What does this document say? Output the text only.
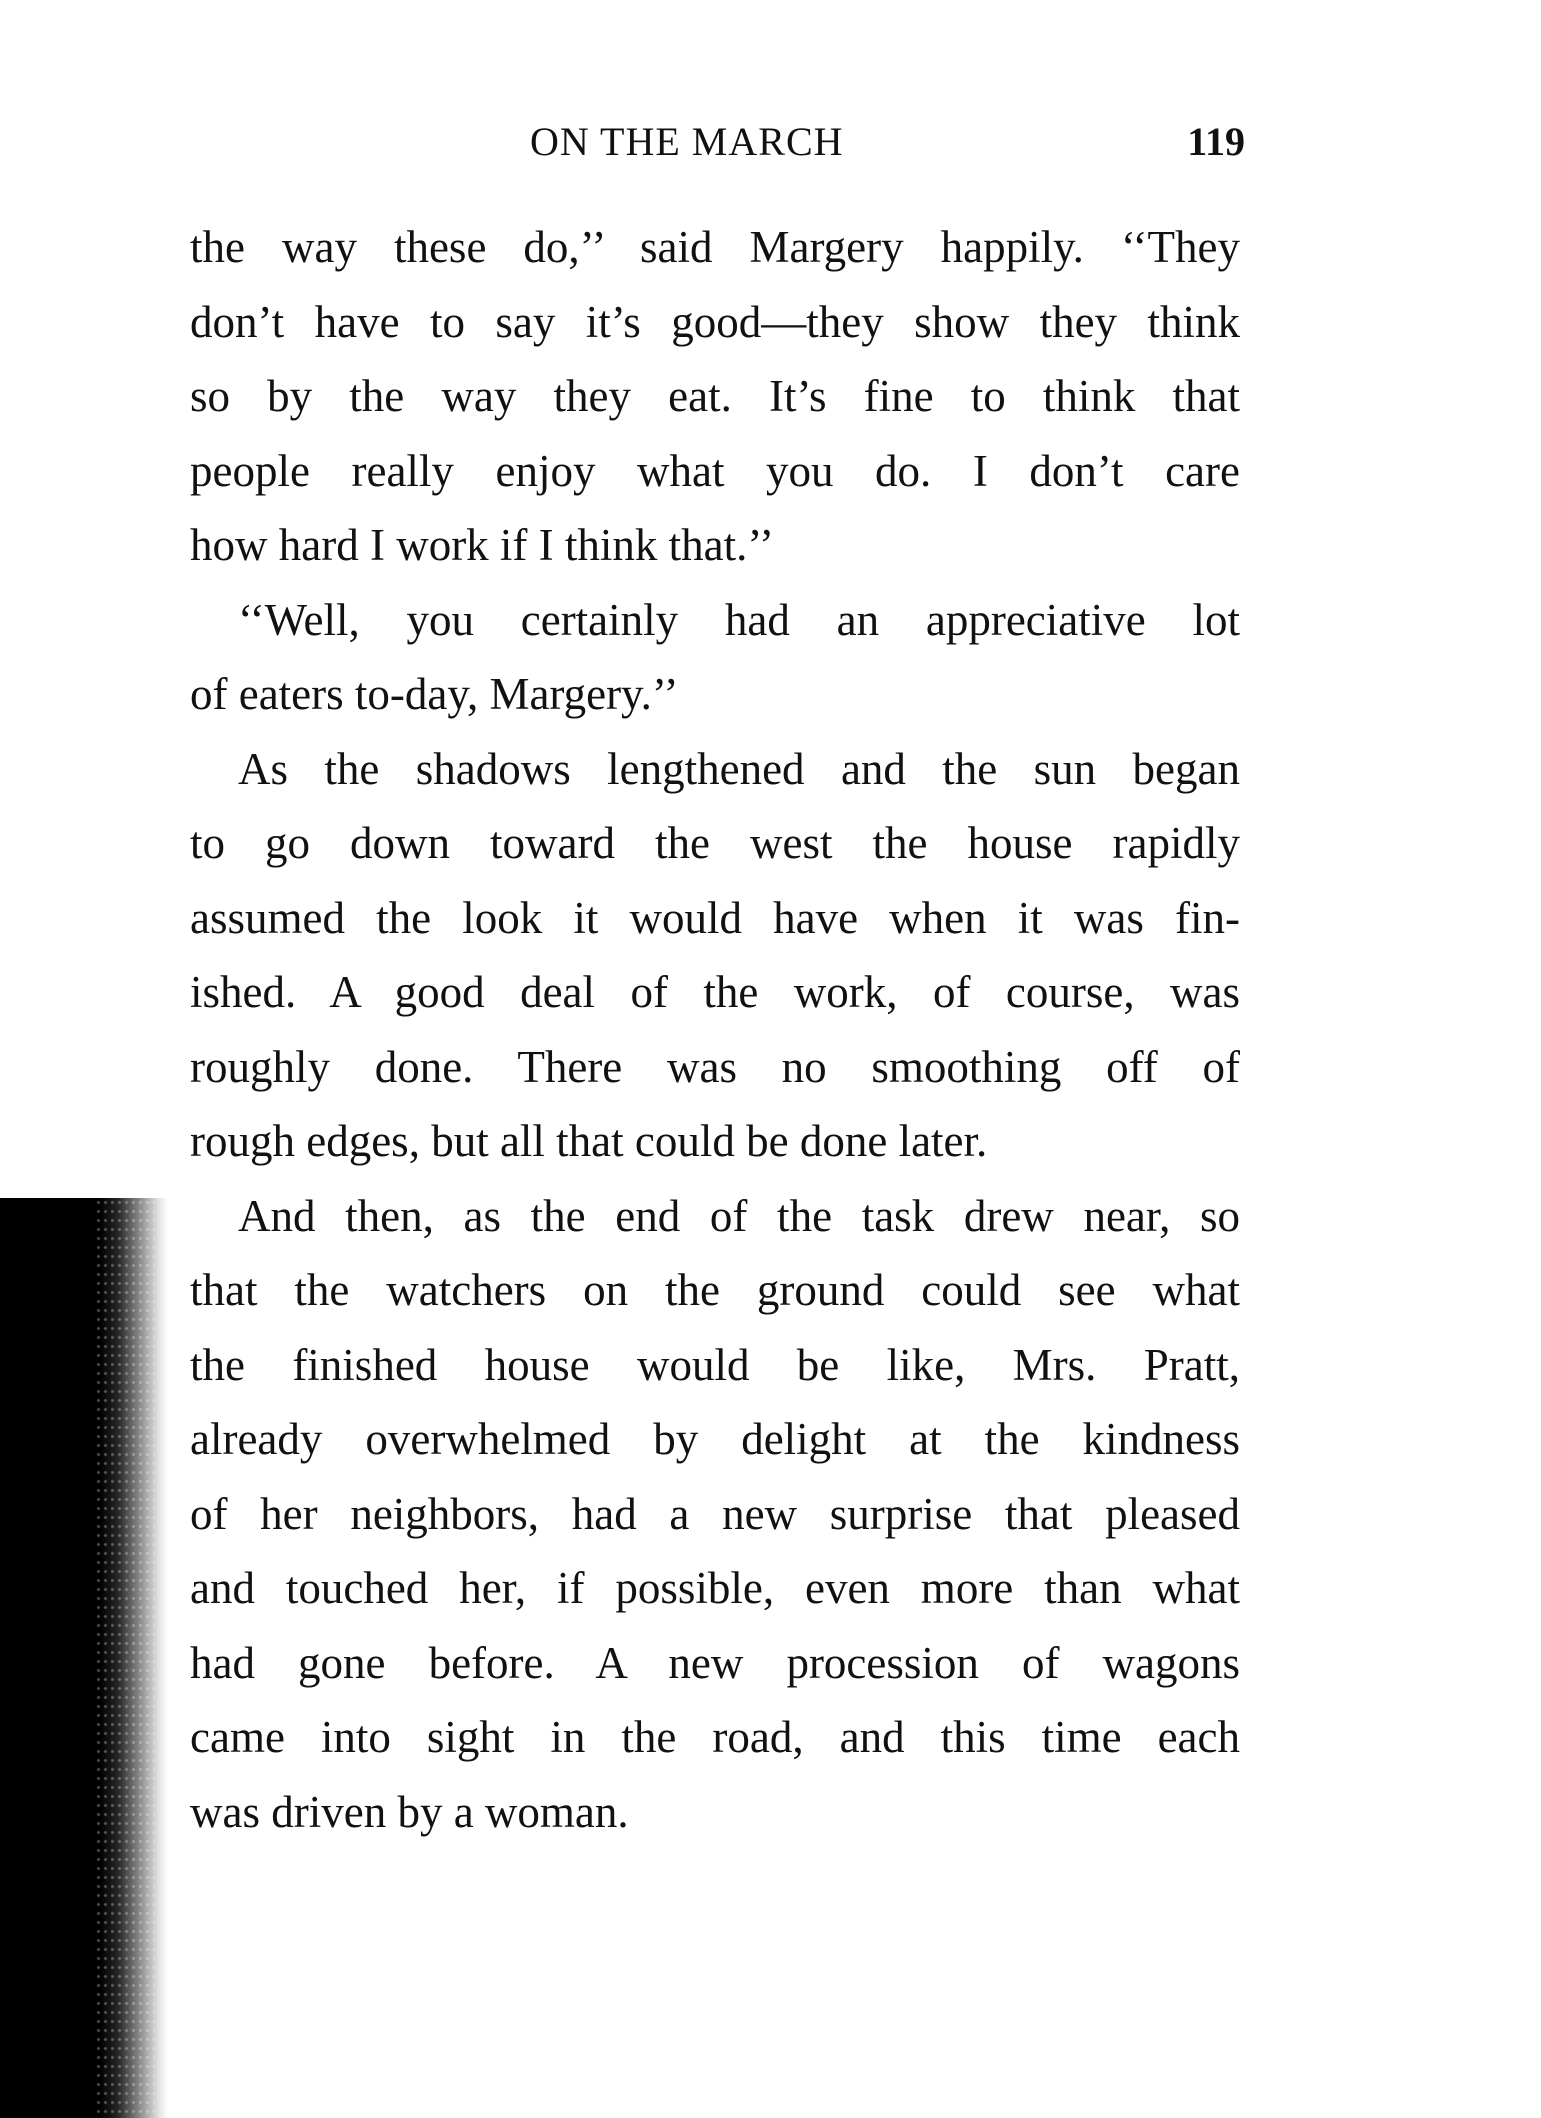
ON THE MARCH	119
the way these do,’’ said Margery happily. ‘‘They
don’t have to say it’s good—they show they think
so by the way they eat. It’s fine to think that
people really enjoy what you do. I don’t care
how hard I work if I think that.’’
‘‘Well, you certainly had an appreciative lot
of eaters to-day, Margery.’’
As the shadows lengthened and the sun began
to go down toward the west the house rapidly
assumed the look it would have when it was fin-
ished. A good deal of the work, of course, was
roughly done. There was no smoothing off of
rough edges, but all that could be done later.
And then, as the end of the task drew near, so
that the watchers on the ground could see what
the finished house would be like, Mrs. Pratt,
already overwhelmed by delight at the kindness
of her neighbors, had a new surprise that pleased
and touched her, if possible, even more than what
had gone before. A new procession of wagons
came into sight in the road, and this time each
was driven by a woman.
